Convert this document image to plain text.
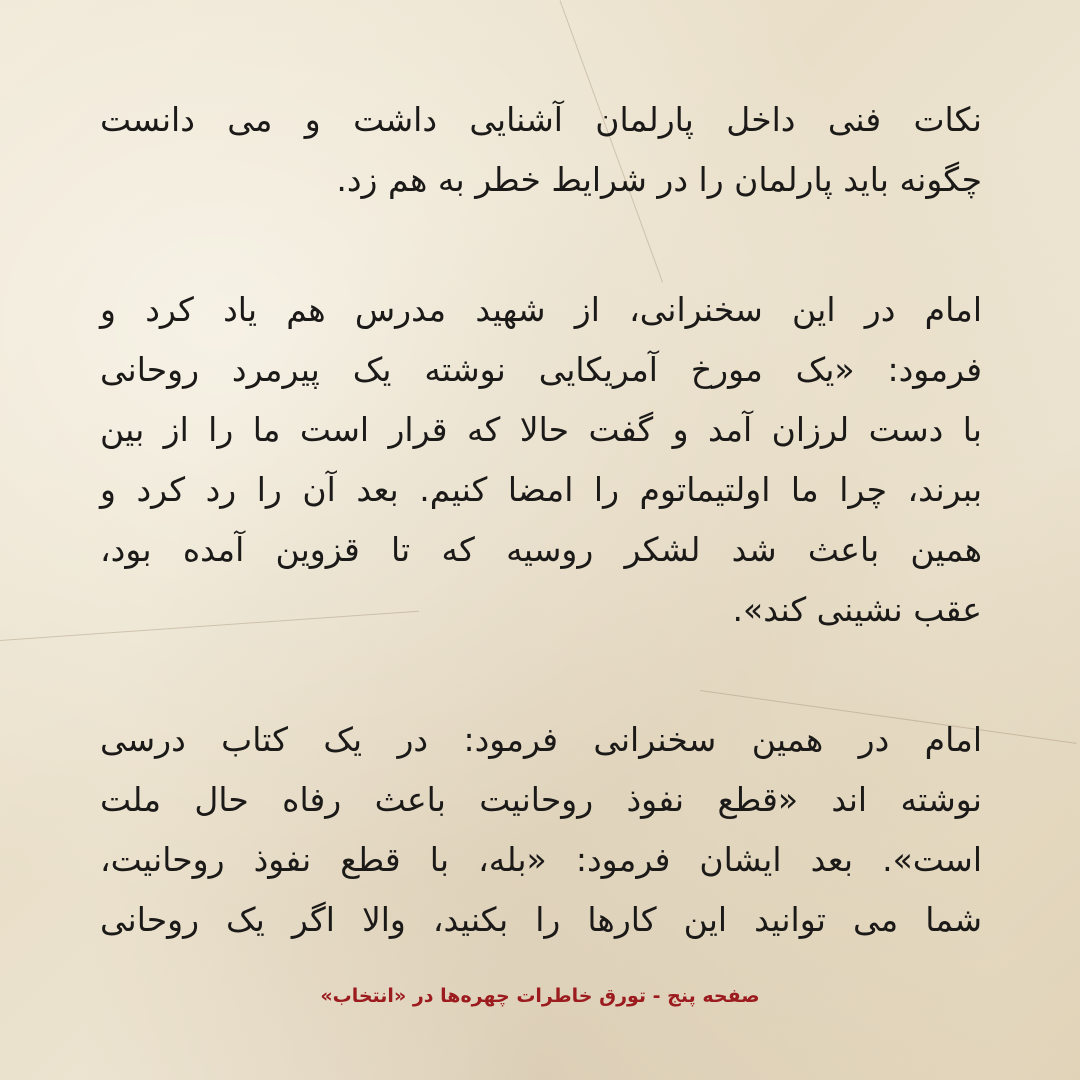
نکات فنی داخل پارلمان آشنایی داشت و می دانست
چگونه باید پارلمان را در شرایط خطر به هم زد.
امام در این سخنرانی، از شهید مدرس هم یاد کرد و
فرمود: «یک مورخ آمریکایی نوشته یک پیرمرد روحانی
با دست لرزان آمد و گفت حالا که قرار است ما را از بین
ببرند، چرا ما اولتیماتوم را امضا کنیم. بعد آن را رد کرد و
همین باعث شد لشکر روسیه که تا قزوین آمده بود،
عقب نشینی کند».
امام در همین سخنرانی فرمود: در یک کتاب درسی
نوشته اند «قطع نفوذ روحانیت باعث رفاه حال ملت
است». بعد ایشان فرمود: «بله، با قطع نفوذ روحانیت،
شما می توانید این کارها را بکنید، والا اگر یک روحانی
صفحه پنج - تورق خاطرات چهره‌ها در «انتخاب»
